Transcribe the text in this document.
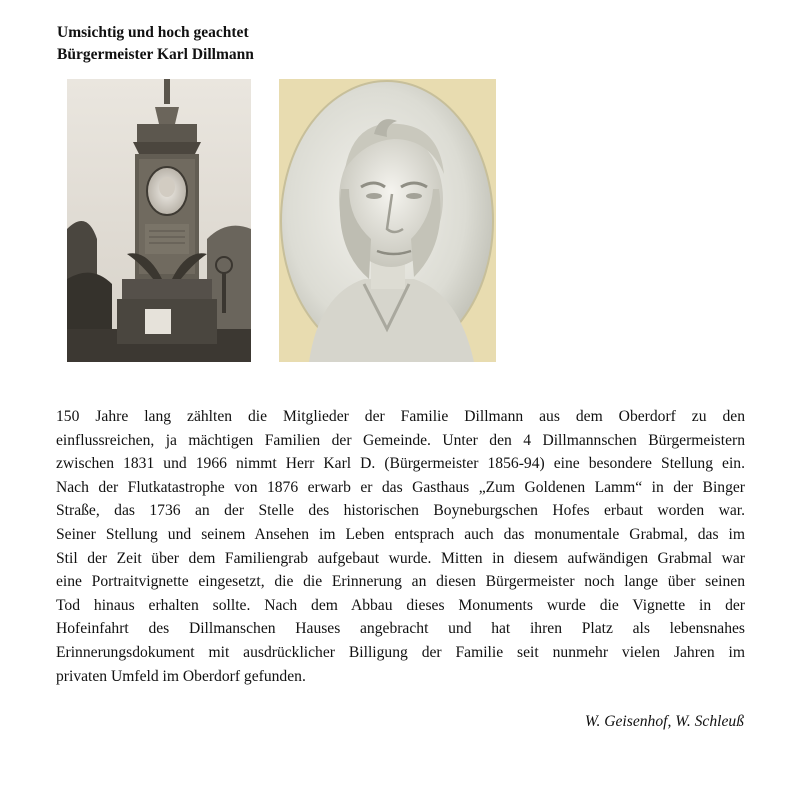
Umsichtig und hoch geachtet
Bürgermeister Karl Dillmann
150 Jahre lang zählten die Mitglieder der Familie Dillmann aus dem Oberdorf zu den
einflussreichen, ja mächtigen Familien der Gemeinde. Unter den 4 Dillmannschen Bürgermeistern
zwischen 1831 und 1966 nimmt Herr Karl D. (Bürgermeister 1856-94) eine besondere Stellung ein.
Nach der Flutkatastrophe von 1876 erwarb er das Gasthaus „Zum Goldenen Lamm“ in der Binger
Straße, das 1736 an der Stelle des historischen Boyneburgschen Hofes erbaut worden war.
Seiner Stellung und seinem Ansehen im Leben entsprach auch das monumentale Grabmal, das im
Stil der Zeit über dem Familiengrab aufgebaut wurde. Mitten in diesem aufwändigen Grabmal war
eine Portraitvignette eingesetzt, die die Erinnerung an diesen Bürgermeister noch lange über seinen
Tod hinaus erhalten sollte. Nach dem Abbau dieses Monuments wurde die Vignette in der
Hofeinfahrt des Dillmanschen Hauses angebracht und hat ihren Platz als lebensnahes
Erinnerungsdokument mit ausdrücklicher Billigung der Familie seit nunmehr vielen Jahren im
privaten Umfeld im Oberdorf gefunden.
W. Geisenhof, W. Schleuß
